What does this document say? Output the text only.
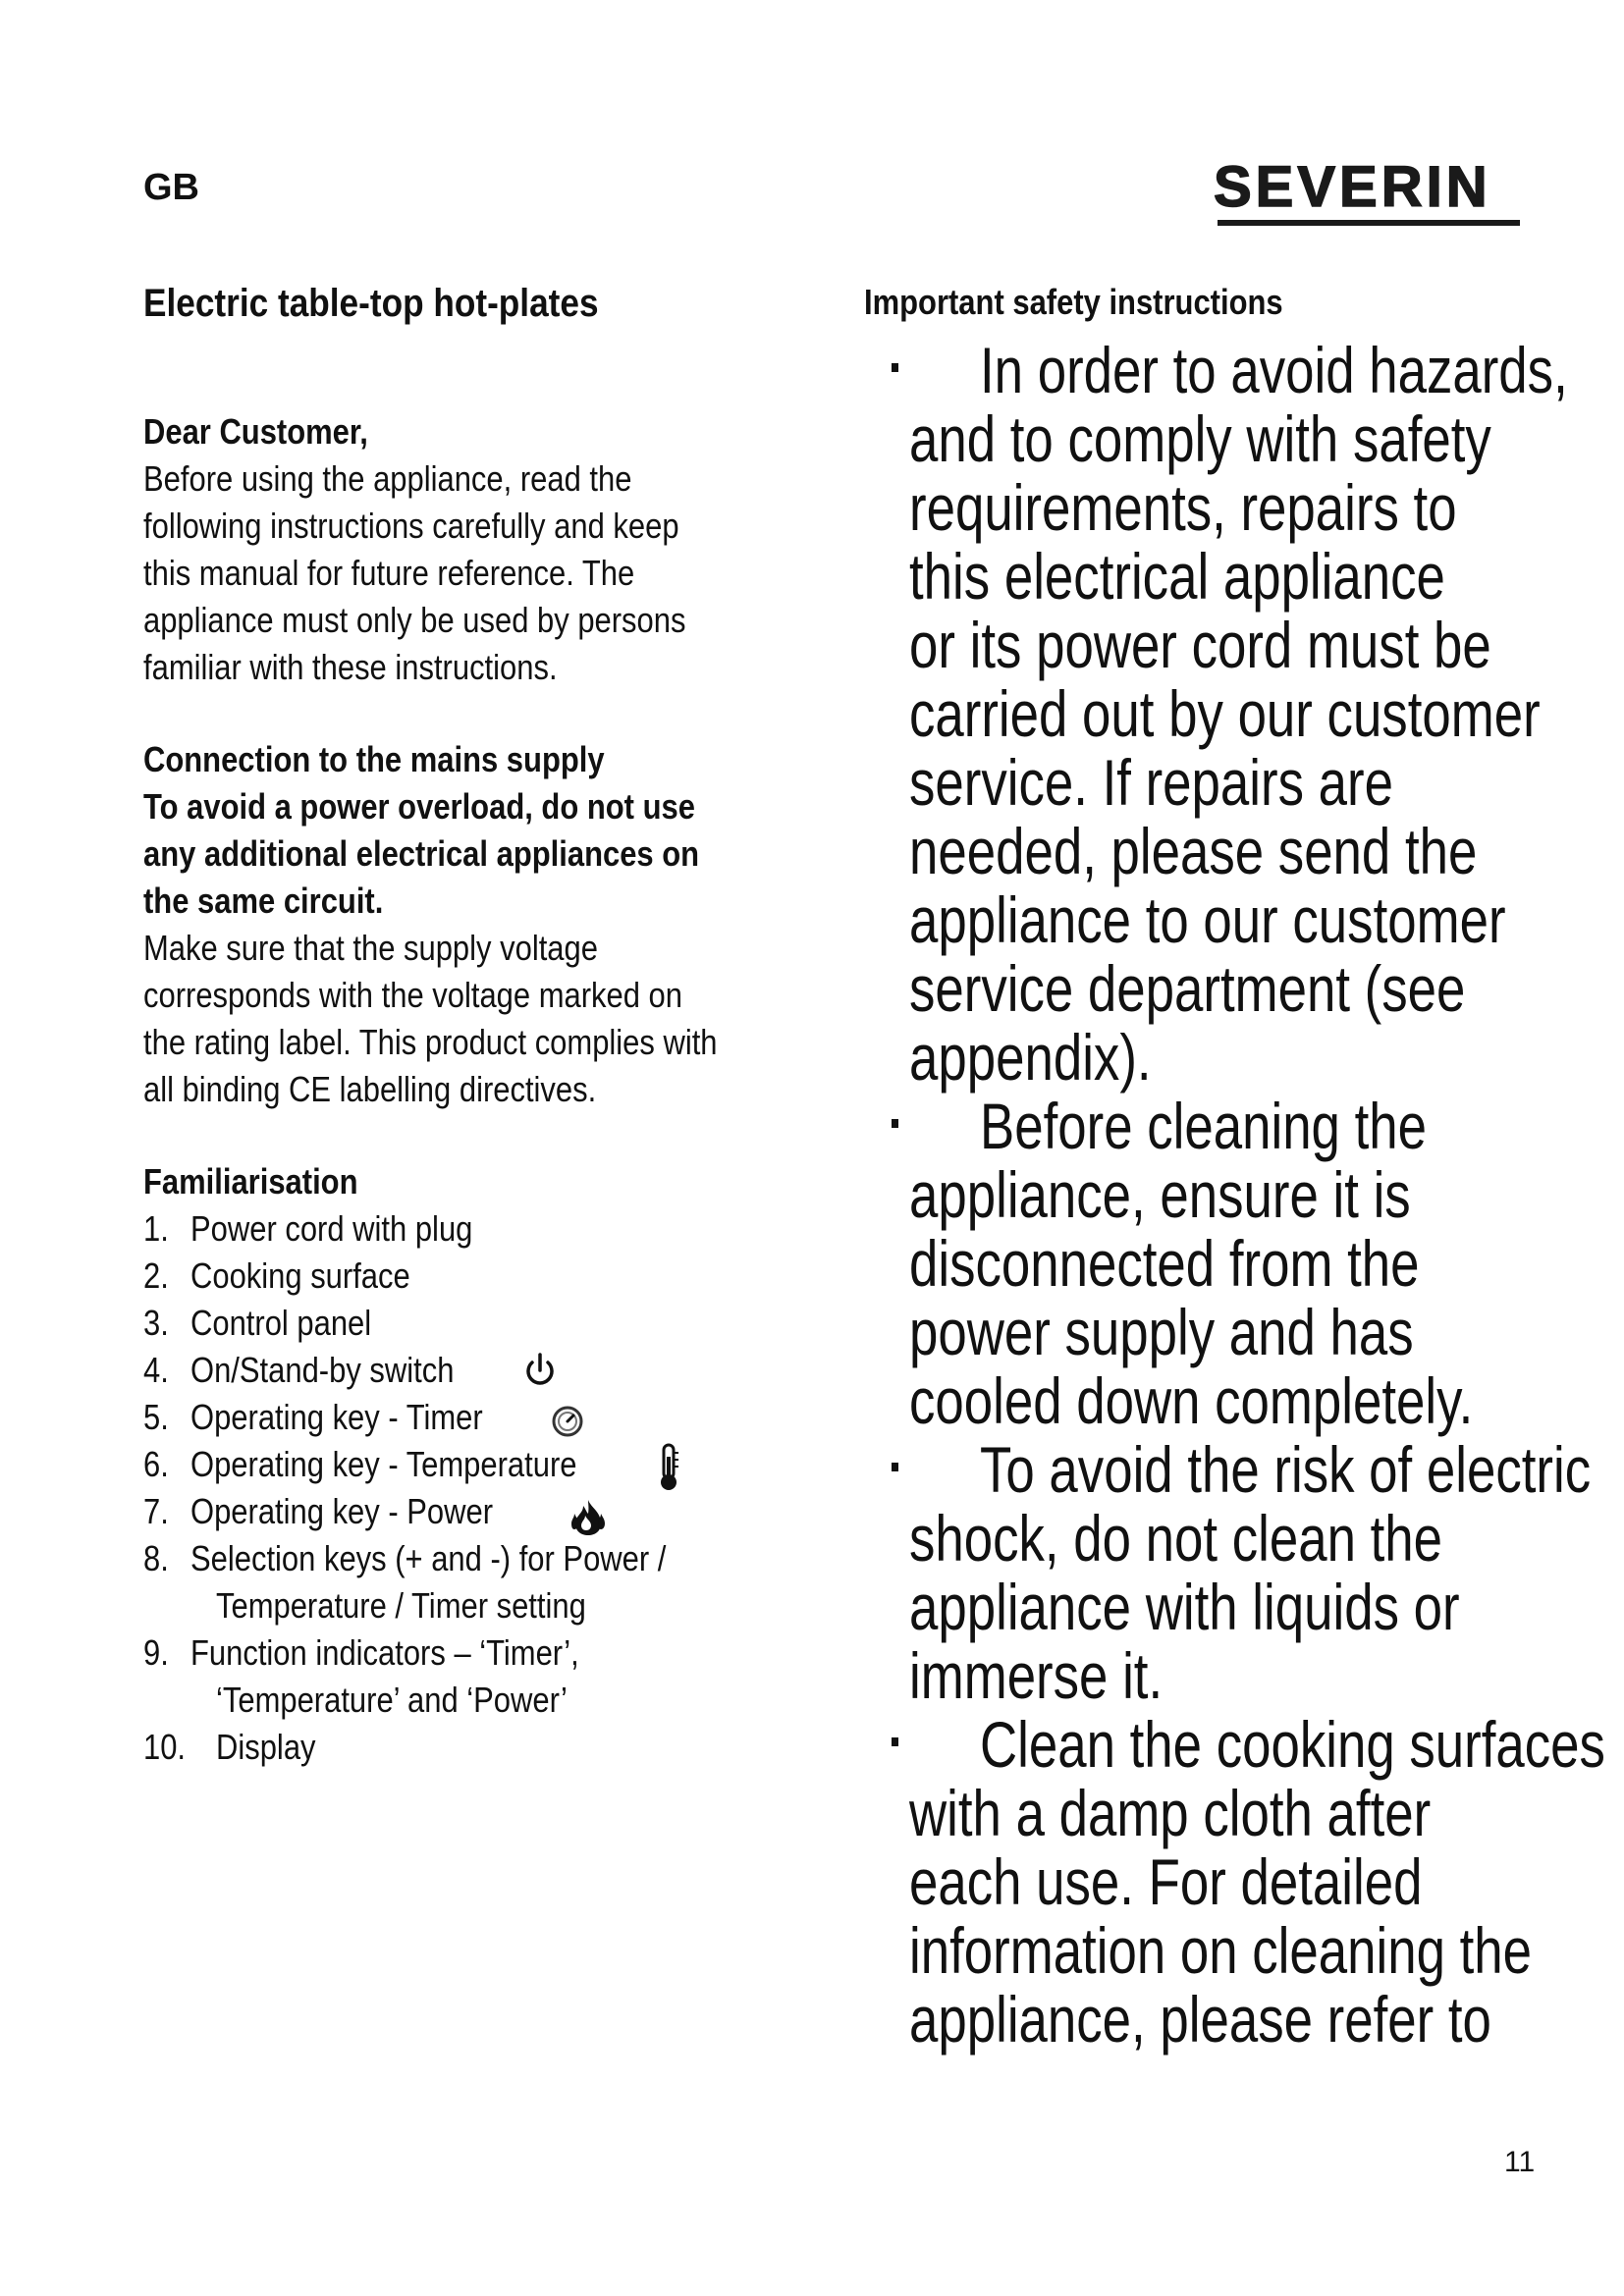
GB	SEVERIN
Electric table-top hot-plates
Dear Customer,
Before using the appliance, read the
following instructions carefully and keep
this manual for future reference. The
appliance must only be used by persons
familiar with these instructions.
Connection to the mains supply
To avoid a power overload, do not use
any additional electrical appliances on
the same circuit.
Make sure that the supply voltage
corresponds with the voltage marked on
the rating label. This product complies with
all binding CE labelling directives.
Familiarisation
1. Power cord with plug
2. Cooking surface
3. Control panel
4. On/Stand-by switch
5. Operating key - Timer
6. Operating key - Temperature
7. Operating key - Power
8. Selection keys (+ and -) for Power /
Temperature / Timer setting
9. Function indicators – ‘Timer’,
‘Temperature’ and ‘Power’
10. Display
Important safety instructions
In order to avoid hazards,
and to comply with safety
requirements, repairs to
this electrical appliance
or its power cord must be
carried out by our customer
service. If repairs are
needed, please send the
appliance to our customer
service department (see
appendix).
Before cleaning the
appliance, ensure it is
disconnected from the
power supply and has
cooled down completely.
To avoid the risk of electric
shock, do not clean the
appliance with liquids or
immerse it.
Clean the cooking surfaces
with a damp cloth after
each use. For detailed
information on cleaning the
appliance, please refer to
11
